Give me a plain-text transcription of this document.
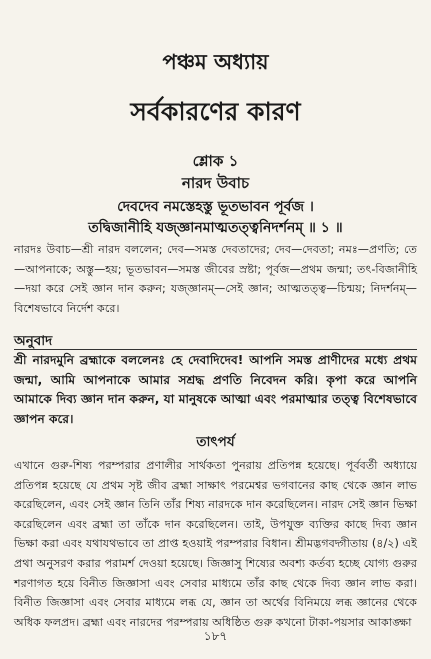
পঞ্চম অধ্যায়
সর্বকারণের কারণ
শ্লোক ১
নারদ উবাচ
দেবদেব নমস্তেহস্তু ভূতভাবন পূর্বজ ।
তদ্বিজানীহি যজ্জ্ঞানমাত্মতত্ত্বনিদর্শনম্ ॥ ১ ॥
নারদঃ উবাচ—শ্রী নারদ বললেন; দেব—সমস্ত দেবতাদের; দেব—দেবতা; নমঃ—প্রণতি; তে—আপনাকে; অস্তু—হয়; ভূতভাবন—সমস্ত জীবের স্রষ্টা; পূর্বজ—প্রথম জন্মা; তৎ-বিজানীহি—দয়া করে সেই জ্ঞান দান করুন; যজ্জ্ঞানম্—সেই জ্ঞান; আত্মতত্ত্ব—চিন্ময়; নিদর্শনম্—বিশেষভাবে নির্দেশ করে।
অনুবাদ
শ্রী নারদমুনি ব্রহ্মাকে বললেনঃ হে দেবাদিদেব! আপনি সমস্ত প্রাণীদের মধ্যে প্রথম জন্মা, আমি আপনাকে আমার সশ্রদ্ধ প্রণতি নিবেদন করি। কৃপা করে আপনি আমাকে দিব্য জ্ঞান দান করুন, যা মানুষকে আত্মা এবং পরমাত্মার তত্ত্ব বিশেষভাবে জ্ঞাপন করে।
তাৎপর্য
এখানে গুরু-শিষ্য পরম্পরার প্রণালীর সার্থকতা পুনরায় প্রতিপন্ন হয়েছে। পূর্ববর্তী অধ্যায়ে প্রতিপন্ন হয়েছে যে প্রথম সৃষ্ট জীব ব্রহ্মা সাক্ষাৎ পরমেশ্বর ভগবানের কাছ থেকে জ্ঞান লাভ করেছিলেন, এবং সেই জ্ঞান তিনি তাঁর শিষ্য নারদকে দান করেছিলেন। নারদ সেই জ্ঞান ভিক্ষা করেছিলেন এবং ব্রহ্মা তা তাঁকে দান করেছিলেন। তাই, উপযুক্ত ব্যক্তির কাছে দিব্য জ্ঞান ভিক্ষা করা এবং যথাযথভাবে তা প্রাপ্ত হওয়াই পরম্পরার বিধান। শ্রীমদ্ভগবদ্গীতায় (৪/২) এই প্রথা অনুসরণ করার পরামর্শ দেওয়া হয়েছে। জিজ্ঞাসু শিষ্যের অবশ্য কর্তব্য হচ্ছে যোগ্য গুরুর শরণাগত হয়ে বিনীত জিজ্ঞাসা এবং সেবার মাধ্যমে তাঁর কাছ থেকে দিব্য জ্ঞান লাভ করা। বিনীত জিজ্ঞাসা এবং সেবার মাধ্যমে লব্ধ যে, জ্ঞান তা অর্থের বিনিময়ে লব্ধ জ্ঞানের থেকে অধিক ফলপ্রদ। ব্রহ্মা এবং নারদের পরম্পরায় অধিষ্ঠিত গুরু কখনো টাকা-পয়সার আকাঙ্ক্ষা
১৮৭
